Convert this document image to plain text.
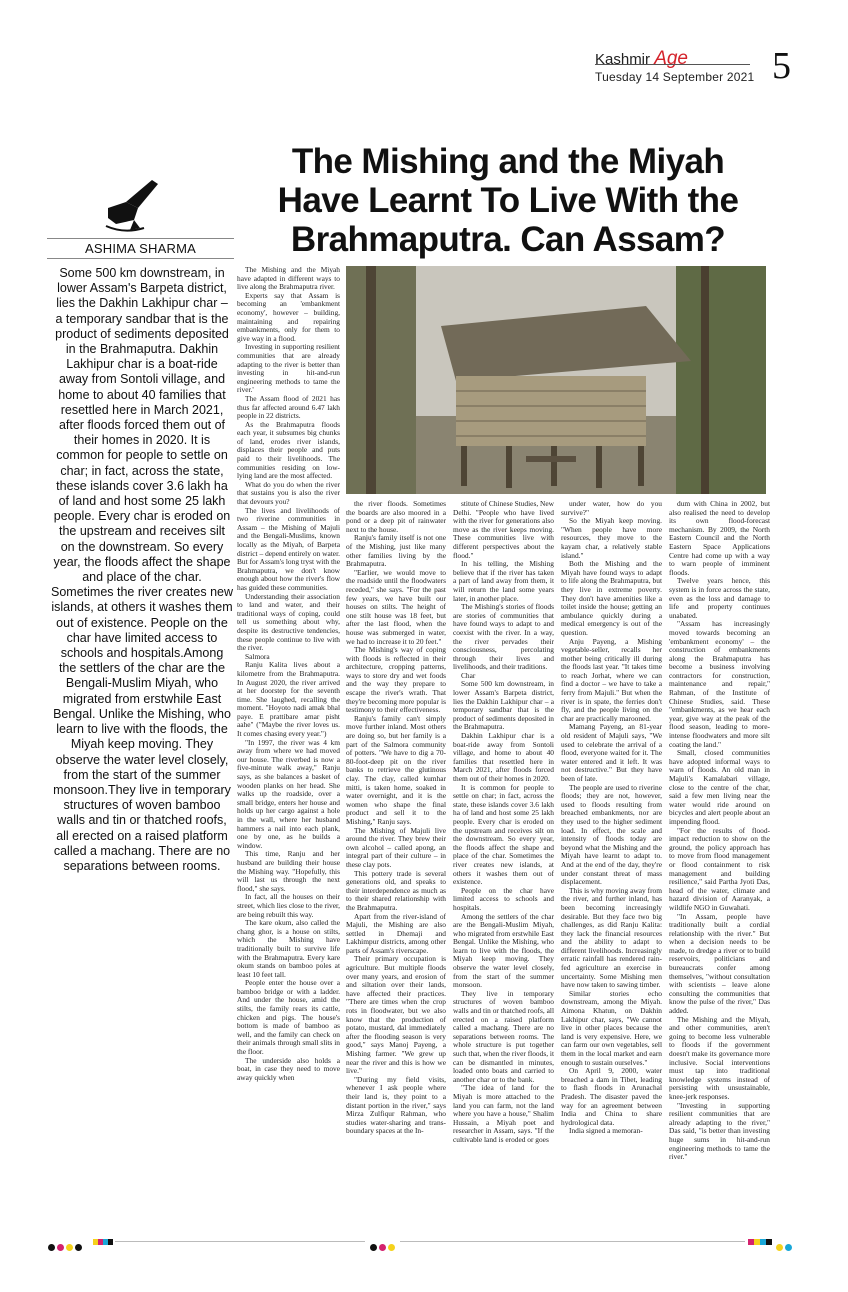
Kashmir Age
Tuesday 14 September 2021 5
The Mishing and the Miyah Have Learnt To Live With the Brahmaputra. Can Assam?
ASHIMA SHARMA
Some 500 km downstream, in lower Assam's Barpeta district, lies the Dakhin Lakhipur char – a temporary sandbar that is the product of sediments deposited in the Brahmaputra. Dakhin Lakhipur char is a boat-ride away from Sontoli village, and home to about 40 families that resettled here in March 2021, after floods forced them out of their homes in 2020. It is common for people to settle on char; in fact, across the state, these islands cover 3.6 lakh ha of land and host some 25 lakh people. Every char is eroded on the upstream and receives silt on the downstream. So every year, the floods affect the shape and place of the char. Sometimes the river creates new islands, at others it washes them out of existence. People on the char have limited access to schools and hospitals.Among the settlers of the char are the Bengali-Muslim Miyah, who migrated from erstwhile East Bengal. Unlike the Mishing, who learn to live with the floods, the Miyah keep moving. They observe the water level closely, from the start of the summer monsoon.They live in temporary structures of woven bamboo walls and tin or thatched roofs, all erected on a raised platform called a machang. There are no separations between rooms.

The Mishing and the Miyah have adapted in different ways to live along the Brahmaputra river.

Experts say that Assam is becoming an 'embankment economy', however – building, maintaining and repairing embankments, only for them to give way in a flood.

Investing in supporting resilient communities that are already adapting to the river is better than investing in hit-and-run engineering methods to tame the river.'

The Assam flood of 2021 has thus far affected around 6.47 lakh people in 22 districts.

As the Brahmaputra floods each year, it subsumes big chunks of land, erodes river islands, displaces their people and puts paid to their livelihoods. The communities residing on low-lying land are the most affected.

What do you do when the river that sustains you is also the river that devours you?

The lives and livelihoods of two riverine communities in Assam – the Mishing of Majuli and the Bengali-Muslims, known locally as the Miyah, of Barpeta district – depend entirely on water. But for Assam's long tryst with the Brahmaputra, we don't know enough about how the river's flow has guided these communities.

Understanding their association to land and water, and their traditional ways of coping, could tell us something about why, despite its destructive tendencies, these people continue to live with the river.

Salmora

Ranju Kalita lives about a kilometre from the Brahmaputra. In August 2020, the river arrived at her doorstep for the seventh time. She laughed, recalling the moment. "Hoyoto nadi amak bhal paye. E prattibare amar pisht aahe" ("Maybe the river loves us. It comes chasing every year.")

"In 1997, the river was 4 km away from where we had moved our house. The riverbed is now a five-minute walk away," Ranju says, as she balances a basket of wooden planks on her head. She walks up the roadside, over a small bridge, enters her house and holds up her cargo against a hole in the wall, where her husband hammers a nail into each plank, one by one, as he builds a window.

This time, Ranju and her husband are building their house the Mishing way. "Hopefully, this will last us through the next flood," she says.

In fact, all the houses on their street, which lies close to the river, are being rebuilt this way.

The kare okum, also called the chang ghor, is a house on stilts, which the Mishing have traditionally built to survive life with the Brahmaputra. Every kare okum stands on bamboo poles at least 10 feet tall.

People enter the house over a bamboo bridge or with a ladder. And under the house, amid the stilts, the family rears its cattle, chicken and pigs. The house's bottom is made of bamboo as well, and the family can check on their animals through small slits in the floor.

The underside also holds a boat, in case they need to move away quickly when

the river floods. Sometimes the boards are also moored in a pond or a deep pit of rainwater next to the house.

Ranju's family itself is not one of the Mishing, just like many other families living by the Brahmaputra.

"Earlier, we would move to the roadside until the floodwaters receded," she says. "For the past few years, we have built our houses on stilts. The height of one stilt house was 18 feet, but after the last flood, when the house was submerged in water, we had to increase it to 20 feet."

The Mishing's way of coping with floods is reflected in their architecture, cropping patterns, ways to store dry and wet foods and the way they prepare to escape the river's wrath. That they're becoming more popular is testimony to their effectiveness.

Ranju's family can't simply move further inland. Most others are doing so, but her family is a part of the Salmora community of potters. "We have to dig a 70-80-foot-deep pit on the river banks to retrieve the glutinous clay. The clay, called kumhar mitti, is taken home, soaked in water overnight, and it is the women who shape the final product and sell it to the Mishing," Ranju says.

The Mishing of Majuli live around the river. They brew their own alcohol – called apong, an integral part of their culture – in these clay pots.

This pottery trade is several generations old, and speaks to their interdependence as much as to their shared relationship with the Brahmaputra.

Apart from the river-island of Majuli, the Mishing are also settled in Dhemaji and Lakhimpur districts, among other parts of Assam's riverscape.

Their primary occupation is agriculture. But multiple floods over many years, and erosion of and siltation over their lands, have affected their practices. "There are times when the crop rots in floodwater, but we also know that the production of potato, mustard, dal immediately after the flooding season is very good," says Manoj Payeng, a Mishing farmer. "We grew up near the river and this is how we live."

"During my field visits, whenever I ask people where their land is, they point to a distant portion in the river," says Mirza Zulfiqur Rahman, who studies water-sharing and trans-boundary spaces at the In-

stitute of Chinese Studies, New Delhi. "People who have lived with the river for generations also move as the river keeps moving. These communities live with different perspectives about the flood."

In his telling, the Mishing believe that if the river has taken a part of land away from them, it will return the land some years later, in another place.

The Mishing's stories of floods are stories of communities that have found ways to adapt to and coexist with the river. In a way, the river pervades their consciousness, percolating through their lives and livelihoods, and their traditions.

Char

Some 500 km downstream, in lower Assam's Barpeta district, lies the Dakhin Lakhipur char – a temporary sandbar that is the product of sediments deposited in the Brahmaputra.

Dakhin Lakhipur char is a boat-ride away from Sontoli village, and home to about 40 families that resettled here in March 2021, after floods forced them out of their homes in 2020.

It is common for people to settle on char; in fact, across the state, these islands cover 3.6 lakh ha of land and host some 25 lakh people. Every char is eroded on the upstream and receives silt on the downstream. So every year, the floods affect the shape and place of the char. Sometimes the river creates new islands, at others it washes them out of existence.

People on the char have limited access to schools and hospitals.

Among the settlers of the char are the Bengali-Muslim Miyah, who migrated from erstwhile East Bengal. Unlike the Mishing, who learn to live with the floods, the Miyah keep moving. They observe the water level closely, from the start of the summer monsoon.

They live in temporary structures of woven bamboo walls and tin or thatched roofs, all erected on a raised platform called a machang. There are no separations between rooms. The whole structure is put together such that, when the river floods, it can be dismantled in minutes, loaded onto boats and carried to another char or to the bank.

"The idea of land for the Miyah is more attached to the land you can farm, not the land where you have a house," Shalim Hussain, a Miyah poet and researcher in Assam, says. "If the cultivable land is eroded or goes

under water, how do you survive?"

So the Miyah keep moving. "When people have more resources, they move to the kayam char, a relatively stable island."

Both the Mishing and the Miyah have found ways to adapt to life along the Brahmaputra, but they live in extreme poverty. They don't have amenities like a toilet inside the house; getting an ambulance quickly during a medical emergency is out of the question.

Anju Payeng, a Mishing vegetable-seller, recalls her mother being critically ill during the floods last year. "It takes time to reach Jorhat, where we can find a doctor – we have to take a ferry from Majuli." But when the river is in spate, the ferries don't fly, and the people living on the char are practically marooned.

Mamang Payeng, an 81-year old resident of Majuli says, "We used to celebrate the arrival of a flood, everyone waited for it. The water entered and it left. It was not destructive." But they have been of late.

The people are used to riverine floods; they are not, however, used to floods resulting from breached embankments, nor are they used to the higher sediment load. In effect, the scale and intensity of floods today are beyond what the Mishing and the Miyah have learnt to adapt to. And at the end of the day, they're under constant threat of mass displacement.

This is why moving away from the river, and further inland, has been becoming increasingly desirable. But they face two big challenges, as did Ranju Kalita: they lack the financial resources and the ability to adapt to different livelihoods. Increasingly erratic rainfall has rendered rain-fed agriculture an exercise in uncertainty. Some Mishing men have now taken to sawing timber.

Similar stories echo downstream, among the Miyah. Aimona Khatun, on Dakhin Lakhipur char, says, "We cannot live in other places because the land is very expensive. Here, we can farm our own vegetables, sell them in the local market and earn enough to sustain ourselves."

On April 9, 2000, water breached a dam in Tibet, leading to flash floods in Arunachal Pradesh. The disaster paved the way for an agreement between India and China to share hydrological data.

India signed a memoran-

dum with China in 2002, but also realised the need to develop its own flood-forecast mechanism. By 2009, the North Eastern Council and the North Eastern Space Applications Centre had come up with a way to warn people of imminent floods.

Twelve years hence, this system is in force across the state, even as the loss and damage to life and property continues unabated.

"Assam has increasingly moved towards becoming an 'embankment economy' – the construction of embankments along the Brahmaputra has become a business involving contractors for construction, maintenance and repair," Rahman, of the Institute of Chinese Studies, said. These "embankments, as we hear each year, give way at the peak of the flood season, leading to more-intense floodwaters and more silt coating the land."

Small, closed communities have adopted informal ways to warn of floods. An old man in Majuli's Kamalabari village, close to the centre of the char, said a few men living near the water would ride around on bicycles and alert people about an impending flood.

"For the results of flood-impact reduction to show on the ground, the policy approach has to move from flood management or flood containment to risk management and building resilience," said Partha Jyoti Das, head of the water, climate and hazard division of Aaranyak, a wildlife NGO in Guwahati.

"In Assam, people have traditionally built a cordial relationship with the river." But when a decision needs to be made, to dredge a river or to build reservoirs, politicians and bureaucrats confer among themselves, "without consultation with scientists – leave alone consulting the communities that know the pulse of the river," Das added.

The Mishing and the Miyah, and other communities, aren't going to become less vulnerable to floods if the government doesn't make its governance more inclusive. Social interventions must tap into traditional knowledge systems instead of persisting with unsustainable, knee-jerk responses.

"Investing in supporting resilient communities that are already adapting to the river," Das said, "is better than investing huge sums in hit-and-run engineering methods to tame the river."
